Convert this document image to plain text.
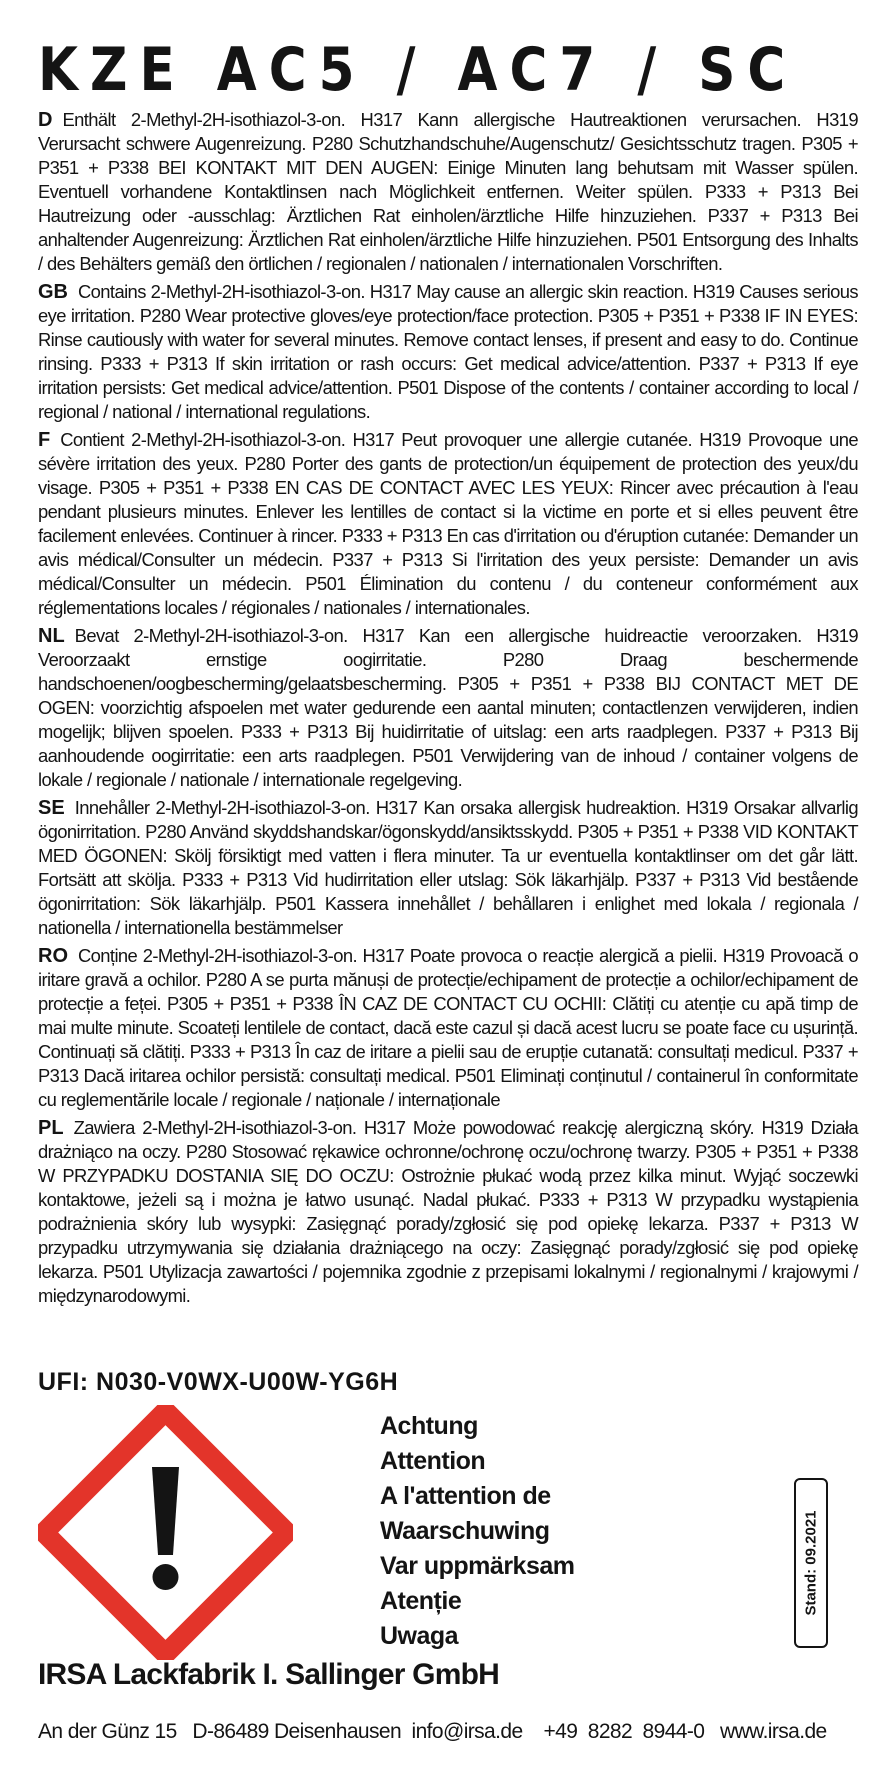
KZE AC5 / AC7 / SC
D Enthält 2-Methyl-2H-isothiazol-3-on. H317 Kann allergische Hautreaktionen verursachen. H319 Verursacht schwere Augenreizung. P280 Schutzhandschuhe/Augenschutz/ Gesichtsschutz tragen. P305 + P351 + P338 BEI KONTAKT MIT DEN AUGEN: Einige Minuten lang behutsam mit Wasser spülen. Eventuell vorhandene Kontaktlinsen nach Möglichkeit entfernen. Weiter spülen. P333 + P313 Bei Hautreizung oder -ausschlag: Ärztlichen Rat einholen/ärztliche Hilfe hinzuziehen. P337 + P313 Bei anhaltender Augenreizung: Ärztlichen Rat einholen/ärztliche Hilfe hinzuziehen. P501 Entsorgung des Inhalts / des Behälters gemäß den örtlichen / regionalen / nationalen / internationalen Vorschriften.
GB Contains 2-Methyl-2H-isothiazol-3-on. H317 May cause an allergic skin reaction. H319 Causes serious eye irritation. P280 Wear protective gloves/eye protection/face protection. P305 + P351 + P338 IF IN EYES: Rinse cautiously with water for several minutes. Remove contact lenses, if present and easy to do. Continue rinsing. P333 + P313 If skin irritation or rash occurs: Get medical advice/attention. P337 + P313 If eye irritation persists: Get medical advice/attention. P501 Dispose of the contents / container according to local / regional / national / international regulations.
F Contient 2-Methyl-2H-isothiazol-3-on. H317 Peut provoquer une allergie cutanée. H319 Provoque une sévère irritation des yeux. P280 Porter des gants de protection/un équipement de protection des yeux/du visage. P305 + P351 + P338 EN CAS DE CONTACT AVEC LES YEUX: Rincer avec précaution à l'eau pendant plusieurs minutes. Enlever les lentilles de contact si la victime en porte et si elles peuvent être facilement enlevées. Continuer à rincer. P333 + P313 En cas d'irritation ou d'éruption cutanée: Demander un avis médical/Consulter un médecin. P337 + P313 Si l'irritation des yeux persiste: Demander un avis médical/Consulter un médecin. P501 Élimination du contenu / du conteneur conformément aux réglementations locales / régionales / nationales / internationales.
NL Bevat 2-Methyl-2H-isothiazol-3-on. H317 Kan een allergische huidreactie veroorzaken. H319 Veroorzaakt ernstige oogirritatie. P280 Draag beschermende handschoenen/oogbescherming/gelaatsbescherming. P305 + P351 + P338 BIJ CONTACT MET DE OGEN: voorzichtig afspoelen met water gedurende een aantal minuten; contactlenzen verwijderen, indien mogelijk; blijven spoelen. P333 + P313 Bij huidirritatie of uitslag: een arts raadplegen. P337 + P313 Bij aanhoudende oogirritatie: een arts raadplegen. P501 Verwijdering van de inhoud / container volgens de lokale / regionale / nationale / internationale regelgeving.
SE Innehåller 2-Methyl-2H-isothiazol-3-on. H317 Kan orsaka allergisk hudreaktion. H319 Orsakar allvarlig ögonirritation. P280 Använd skyddshandskar/ögonskydd/ansiktsskydd. P305 + P351 + P338 VID KONTAKT MED ÖGONEN: Skölj försiktigt med vatten i flera minuter. Ta ur eventuella kontaktlinser om det går lätt. Fortsätt att skölja. P333 + P313 Vid hudirritation eller utslag: Sök läkarhjälp. P337 + P313 Vid bestående ögonirritation: Sök läkarhjälp. P501 Kassera innehållet / behållaren i enlighet med lokala / regionala / nationella / internationella bestämmelser
RO Conține 2-Methyl-2H-isothiazol-3-on. H317 Poate provoca o reacție alergică a pielii. H319 Provoacă o iritare gravă a ochilor. P280 A se purta mănuși de protecție/echipament de protecție a ochilor/echipament de protecție a feței. P305 + P351 + P338 ÎN CAZ DE CONTACT CU OCHII: Clătiți cu atenție cu apă timp de mai multe minute. Scoateți lentilele de contact, dacă este cazul și dacă acest lucru se poate face cu ușurință. Continuați să clătiți. P333 + P313 În caz de iritare a pielii sau de erupție cutanată: consultați medicul. P337 + P313 Dacă iritarea ochilor persistă: consultați medical. P501 Eliminați conținutul / containerul în conformitate cu reglementările locale / regionale / naționale / internaționale
PL Zawiera 2-Methyl-2H-isothiazol-3-on. H317 Może powodować reakcję alergiczną skóry. H319 Działa drażniąco na oczy. P280 Stosować rękawice ochronne/ochronę oczu/ochronę twarzy. P305 + P351 + P338 W PRZYPADKU DOSTANIA SIĘ DO OCZU: Ostrożnie płukać wodą przez kilka minut. Wyjąć soczewki kontaktowe, jeżeli są i można je łatwo usunąć. Nadal płukać. P333 + P313 W przypadku wystąpienia podrażnienia skóry lub wysypki: Zasięgnąć porady/zgłosić się pod opiekę lekarza. P337 + P313 W przypadku utrzymywania się działania drażniącego na oczy: Zasięgnąć porady/zgłosić się pod opiekę lekarza. P501 Utylizacja zawartości / pojemnika zgodnie z przepisami lokalnymi / regionalnymi / krajowymi / międzynarodowymi.
UFI: N030-V0WX-U00W-YG6H
Achtung
Attention
A l'attention de
Waarschuwing
Var uppmärksam
Atenție
Uwaga
Stand: 09.2021
IRSA Lackfabrik I. Sallinger GmbH
An der Günz 15   D-86489 Deisenhausen  info@irsa.de    +49  8282  8944-0   www.irsa.de
